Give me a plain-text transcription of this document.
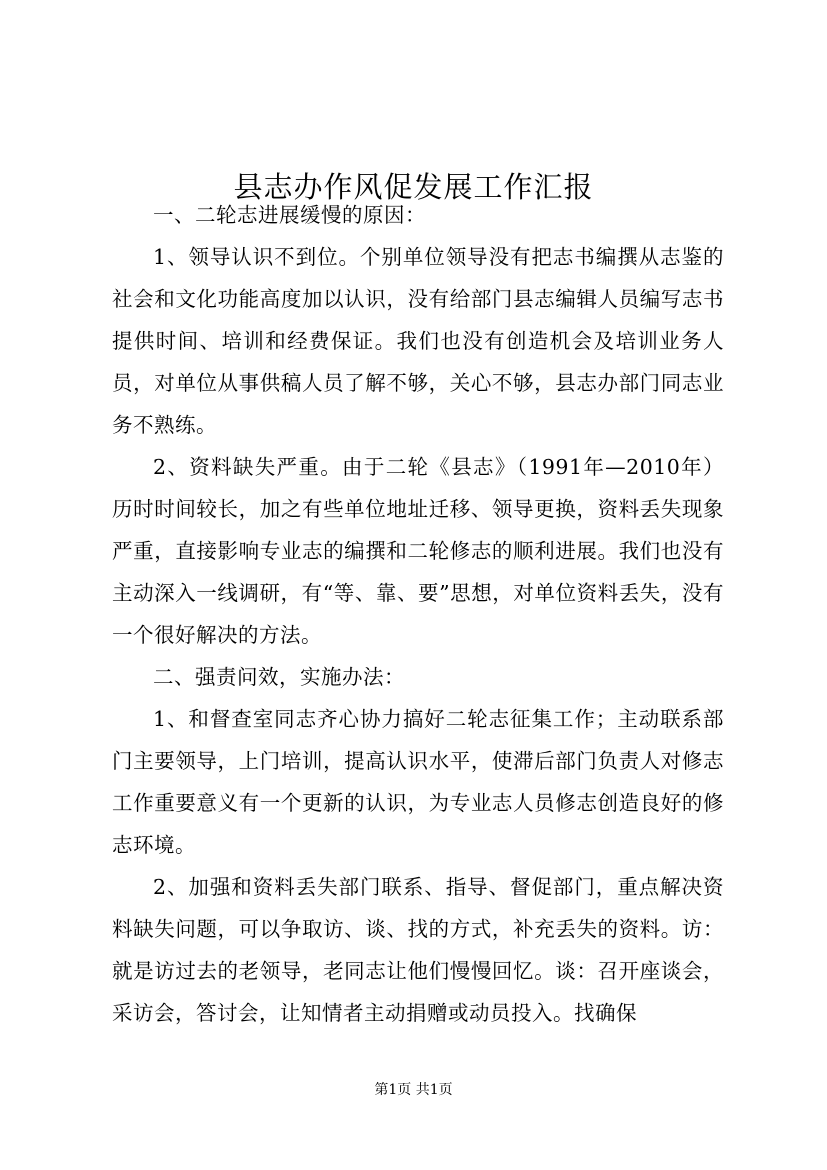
县志办作风促发展工作汇报

一、二轮志进展缓慢的原因：

1、领导认识不到位。个别单位领导没有把志书编撰从志鉴的社会和文化功能高度加以认识，没有给部门县志编辑人员编写志书提供时间、培训和经费保证。我们也没有创造机会及培训业务人员，对单位从事供稿人员了解不够，关心不够，县志办部门同志业务不熟练。

2、资料缺失严重。由于二轮《县志》（1991年—2010年）历时时间较长，加之有些单位地址迁移、领导更换，资料丢失现象严重，直接影响专业志的编撰和二轮修志的顺利进展。我们也没有主动深入一线调研，有“等、靠、要”思想，对单位资料丢失，没有一个很好解决的方法。

二、强责问效，实施办法：

1、和督查室同志齐心协力搞好二轮志征集工作；主动联系部门主要领导，上门培训，提高认识水平，使滞后部门负责人对修志工作重要意义有一个更新的认识，为专业志人员修志创造良好的修志环境。

2、加强和资料丢失部门联系、指导、督促部门，重点解决资料缺失问题，可以争取访、谈、找的方式，补充丢失的资料。访：就是访过去的老领导，老同志让他们慢慢回忆。谈：召开座谈会，采访会，答讨会，让知情者主动捐赠或动员投入。找确保

第1页 共1页
